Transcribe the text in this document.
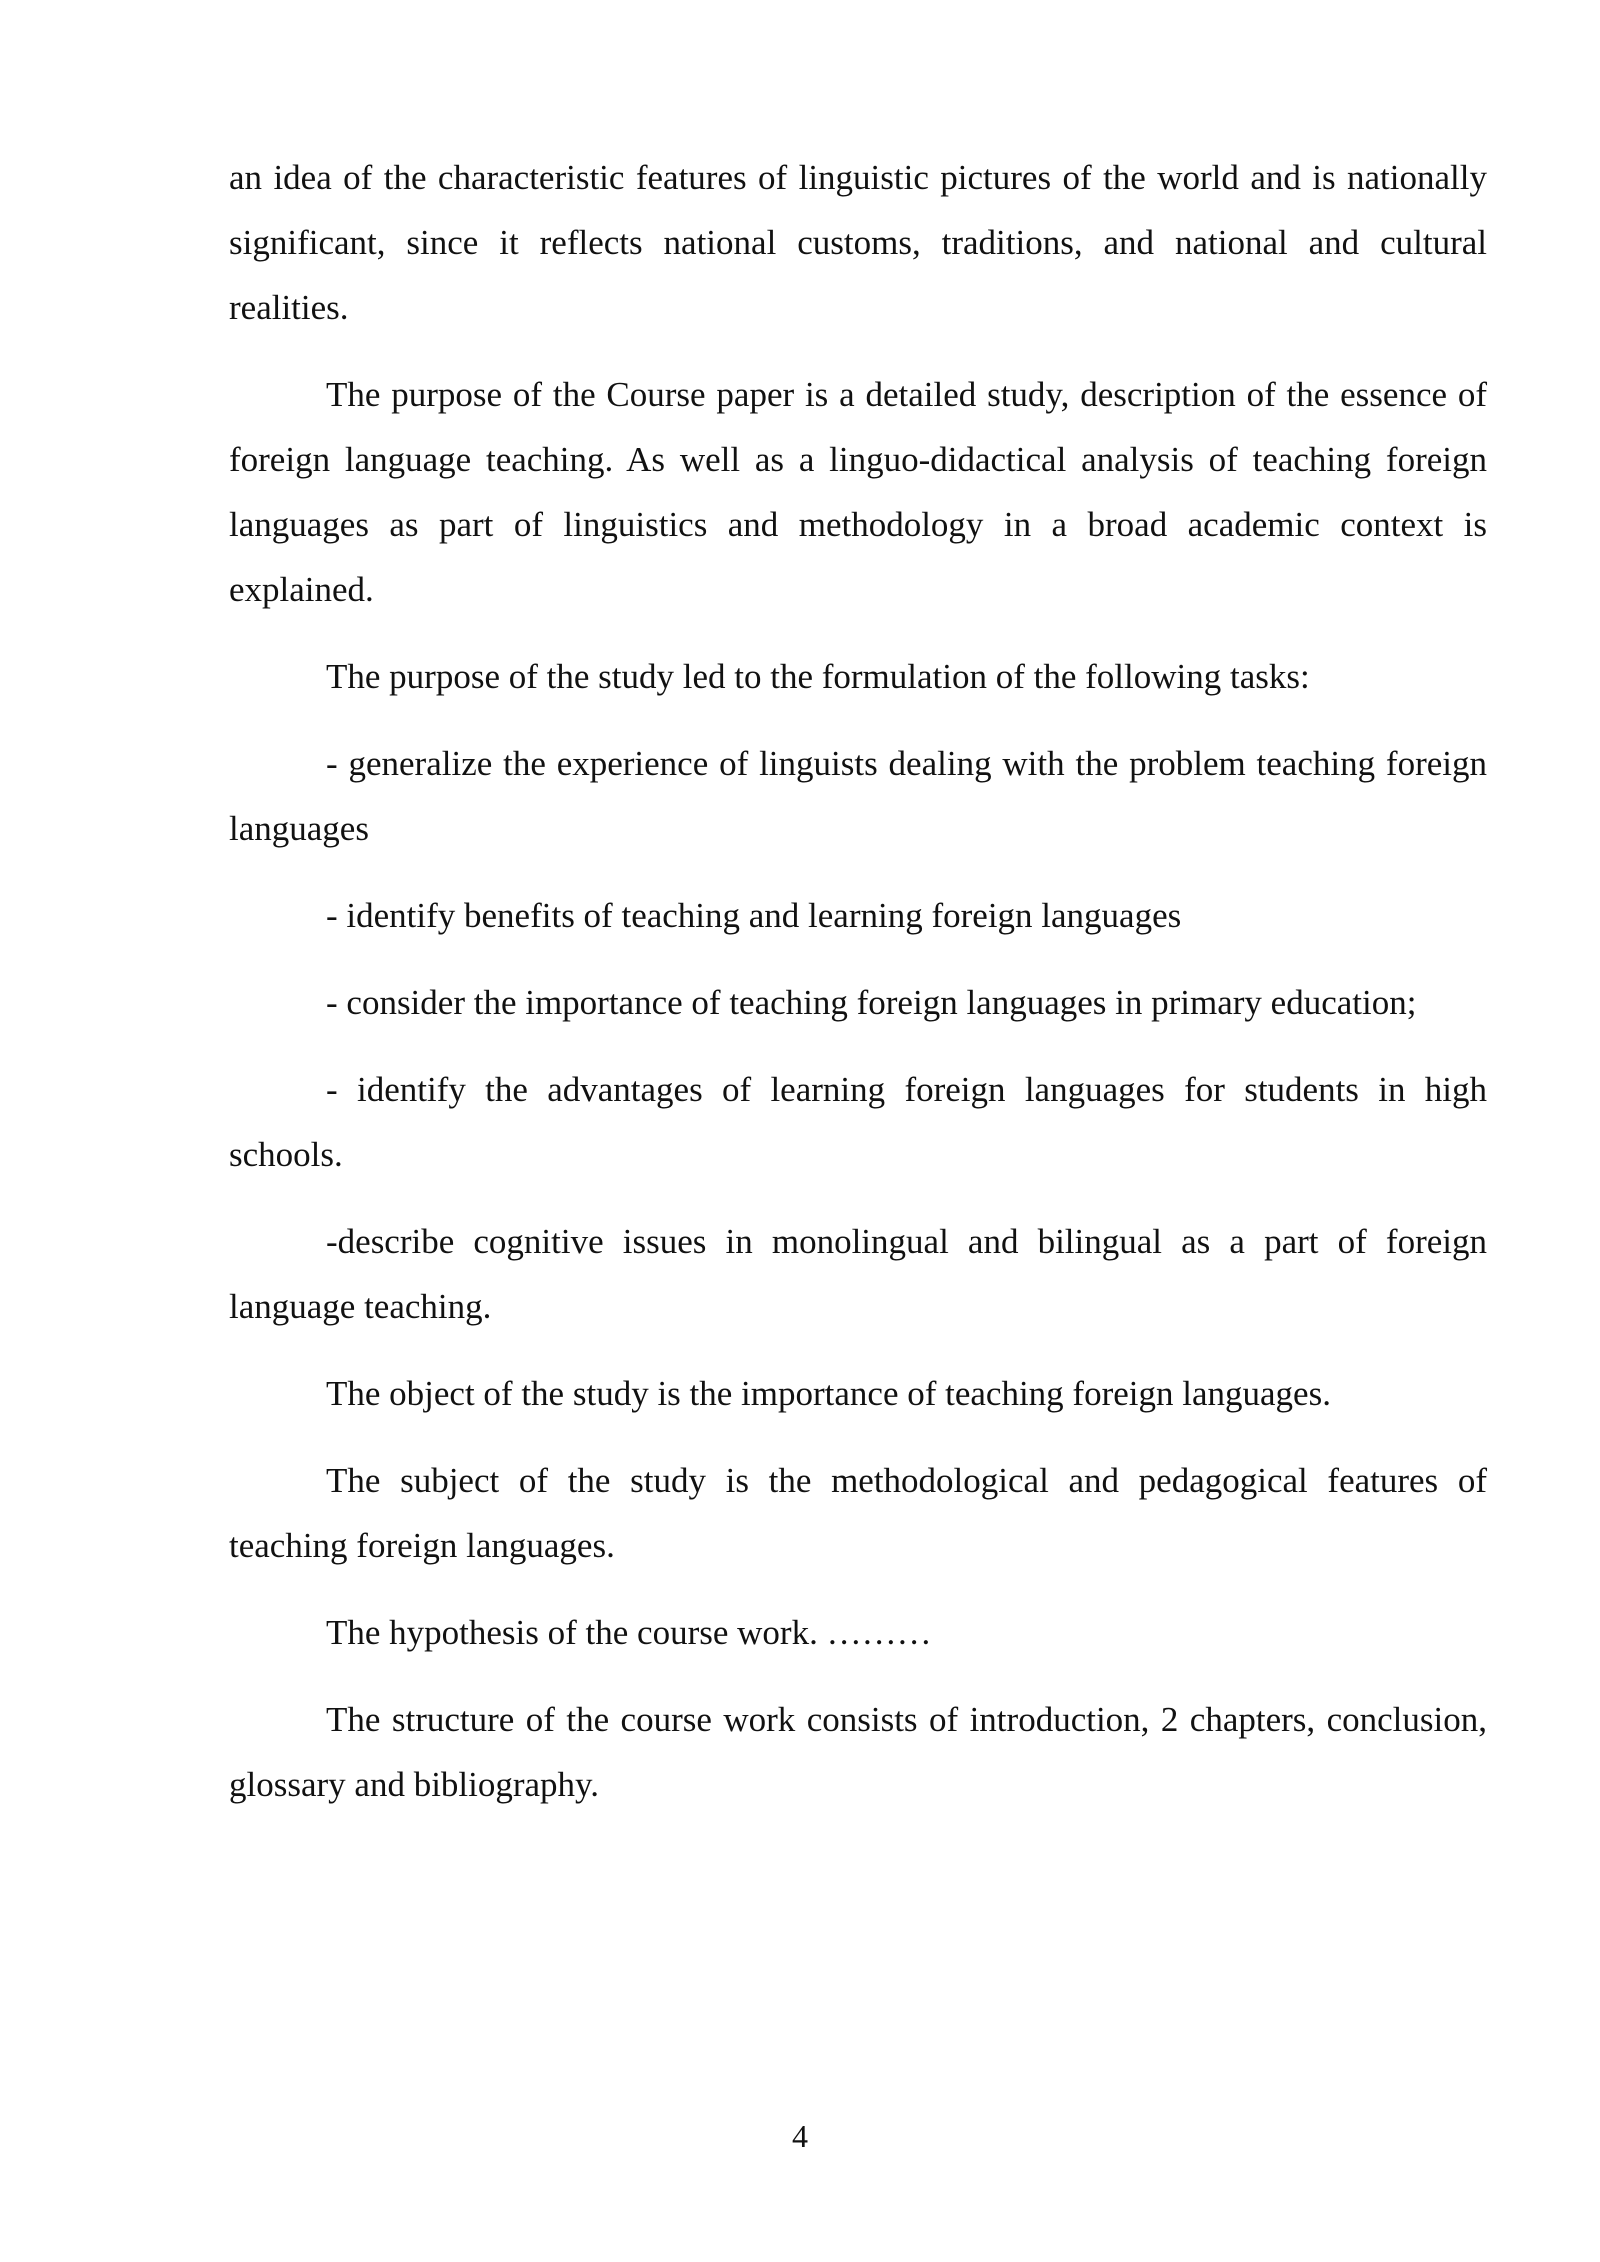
an idea of the characteristic features of linguistic pictures of the world and is nationally significant, since it reflects national customs, traditions, and national and cultural realities.

The purpose of the Course paper is a detailed study, description of the essence of foreign language teaching. As well as a linguo-didactical analysis of teaching foreign languages as part of linguistics and methodology in a broad academic context is explained.

The purpose of the study led to the formulation of the following tasks:

- generalize the experience of linguists dealing with the problem teaching foreign languages

- identify benefits of teaching and learning foreign languages

- consider the importance of teaching foreign languages in primary education;

- identify the advantages of learning foreign languages for students in high schools.

-describe cognitive issues in monolingual and bilingual as a part of foreign language teaching.

The object of the study is the importance of teaching foreign languages.

The subject of the study is the methodological and pedagogical features of teaching foreign languages.

The hypothesis of the course work. ………

The structure of the course work consists of introduction, 2 chapters, conclusion, glossary and bibliography.

4
